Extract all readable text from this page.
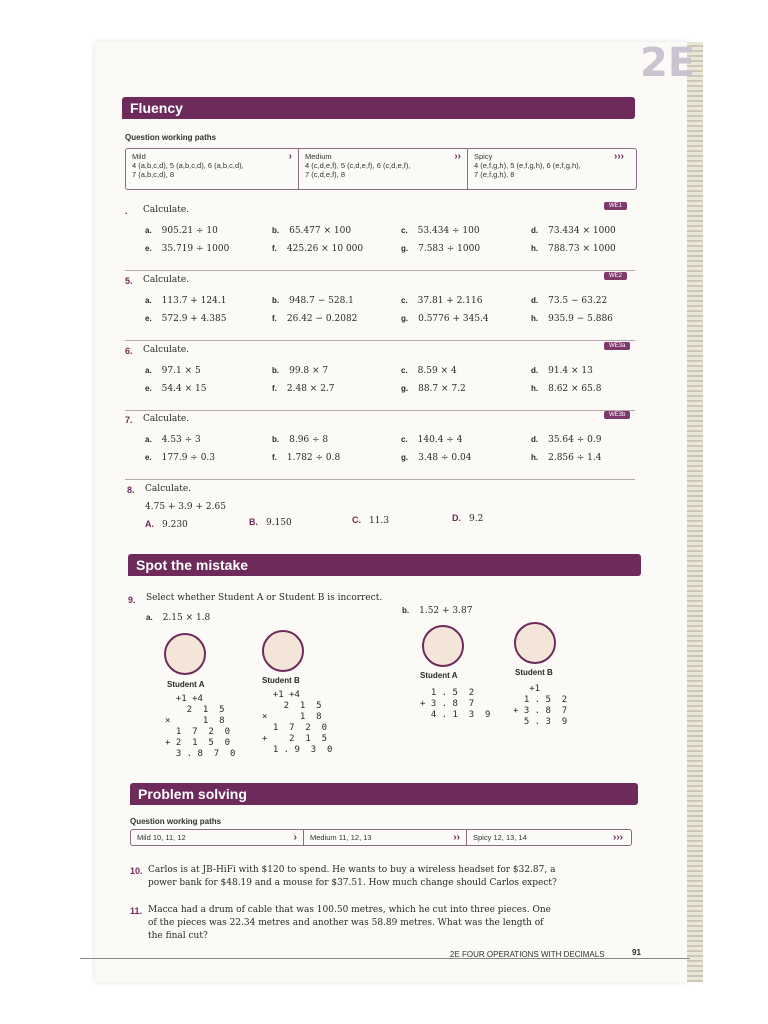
2E
Fluency
Question working paths
Mild
4 (a,b,c,d), 5 (a,b,c,d), 6 (a,b,c,d),
7 (a,b,c,d), 8
› Medium
4 (c,d,e,f), 5 (c,d,e,f), 6 (c,d,e,f),
7 (c,d,e,f), 8
›› Spicy
4 (e,f,g,h), 5 (e,f,g,h), 6 (e,f,g,h),
7 (e,f,g,h), 8
›››
. Calculate.	WE1
a. 905.21 ÷ 10	b. 65.477 × 100	c. 53.434 ÷ 100	d. 73.434 × 1000
e. 35.719 ÷ 1000	f. 425.26 × 10 000	g. 7.583 ÷ 1000	h. 788.73 × 1000
5. Calculate.	WE2
a. 113.7 + 124.1	b. 948.7 − 528.1	c. 37.81 + 2.116	d. 73.5 − 63.22
e. 572.9 + 4.385	f. 26.42 − 0.2082	g. 0.5776 + 345.4	h. 935.9 − 5.886
6. Calculate.	WE3a
a. 97.1 × 5	b. 99.8 × 7	c. 8.59 × 4	d. 91.4 × 13
e. 54.4 × 15	f. 2.48 × 2.7	g. 88.7 × 7.2	h. 8.62 × 65.8
7. Calculate.	WE3b
a. 4.53 ÷ 3	b. 8.96 ÷ 8	c. 140.4 ÷ 4	d. 35.64 ÷ 0.9
e. 177.9 ÷ 0.3	f. 1.782 ÷ 0.8	g. 3.48 ÷ 0.04	h. 2.856 ÷ 1.4
8. Calculate.
4.75 + 3.9 + 2.65
A. 9.230	B. 9.150	C. 11.3	D. 9.2
Spot the mistake
9. Select whether Student A or Student B is incorrect.
a. 2.15 × 1.8
b. 1.52 + 3.87
Student A	Student B
Student A	Student B
+1 +4
2  1  5
×      1  8
1  7  2  0
+ 2  1  5  0
3 . 8  7  0
+1 +4
2  1  5
×      1  8
1  7  2  0
+    2  1  5
1 . 9  3  0
1 . 5  2
+ 3 . 8  7
4 . 1  3  9
+1
1 . 5  2
+ 3 . 8  7
5 . 3  9
Problem solving
Question working paths
Mild 10, 11, 12	›	Medium 11, 12, 13	››	Spicy 12, 13, 14	›››
10. Carlos is at JB-HiFi with $120 to spend. He wants to buy a wireless headset for $32.87, a power bank for $48.19 and a mouse for $37.51. How much change should Carlos expect?
11. Macca had a drum of cable that was 100.50 metres, which he cut into three pieces. One of the pieces was 22.34 metres and another was 58.89 metres. What was the length of the final cut?
2E FOUR OPERATIONS WITH DECIMALS	91
